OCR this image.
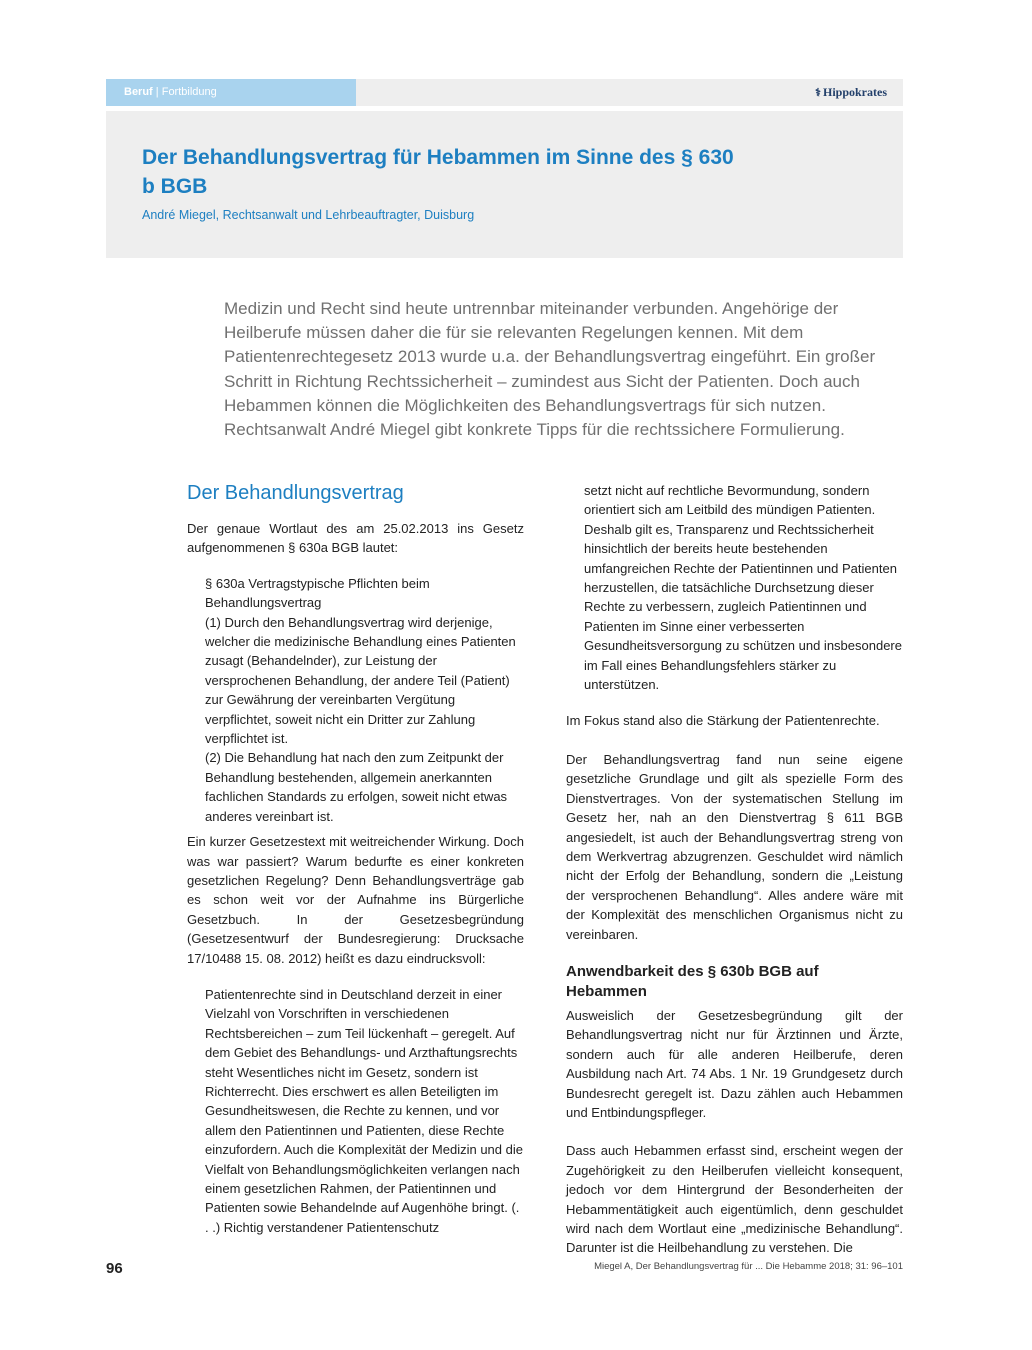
Beruf | Fortbildung	⚕ Hippokrates
Der Behandlungsvertrag für Hebammen im Sinne des § 630 b BGB

André Miegel, Rechtsanwalt und Lehrbeauftragter, Duisburg

Medizin und Recht sind heute untrennbar miteinander verbunden. Angehörige der Heilberufe müssen daher die für sie relevanten Regelungen kennen. Mit dem Patientenrechtegesetz 2013 wurde u.a. der Behandlungsvertrag eingeführt. Ein großer Schritt in Richtung Rechtssicherheit – zumindest aus Sicht der Patienten. Doch auch Hebammen können die Möglichkeiten des Behandlungsvertrags für sich nutzen. Rechtsanwalt André Miegel gibt konkrete Tipps für die rechtssichere Formulierung.

Der Behandlungsvertrag

Der genaue Wortlaut des am 25.02.2013 ins Gesetz aufgenommenen § 630a BGB lautet:

§ 630a Vertragstypische Pflichten beim Behandlungsvertrag

(1) Durch den Behandlungsvertrag wird derjenige, welcher die medizinische Behandlung eines Patienten zusagt (Behandelnder), zur Leistung der versprochenen Behandlung, der andere Teil (Patient) zur Gewährung der vereinbarten Vergütung verpflichtet, soweit nicht ein Dritter zur Zahlung verpflichtet ist.

(2) Die Behandlung hat nach den zum Zeitpunkt der Behandlung bestehenden, allgemein anerkannten fachlichen Standards zu erfolgen, soweit nicht etwas anderes vereinbart ist.

Ein kurzer Gesetzestext mit weitreichender Wirkung. Doch was war passiert? Warum bedurfte es einer konkreten gesetzlichen Regelung? Denn Behandlungsverträge gab es schon weit vor der Aufnahme ins Bürgerliche Gesetzbuch. In der Gesetzesbegründung (Gesetzesentwurf der Bundesregierung: Drucksache 17/10488 15. 08. 2012) heißt es dazu eindrucksvoll:

Patientenrechte sind in Deutschland derzeit in einer Vielzahl von Vorschriften in verschiedenen Rechtsbereichen – zum Teil lückenhaft – geregelt. Auf dem Gebiet des Behandlungs- und Arzthaftungsrechts steht Wesentliches nicht im Gesetz, sondern ist Richterrecht. Dies erschwert es allen Beteiligten im Gesundheitswesen, die Rechte zu kennen, und vor allem den Patientinnen und Patienten, diese Rechte einzufordern. Auch die Komplexität der Medizin und die Vielfalt von Behandlungsmöglichkeiten verlangen nach einem gesetzlichen Rahmen, der Patientinnen und Patienten sowie Behandelnde auf Augenhöhe bringt. (. . .) Richtig verstandener Patientenschutz

setzt nicht auf rechtliche Bevormundung, sondern orientiert sich am Leitbild des mündigen Patienten. Deshalb gilt es, Transparenz und Rechtssicherheit hinsichtlich der bereits heute bestehenden umfangreichen Rechte der Patientinnen und Patienten herzustellen, die tatsächliche Durchsetzung dieser Rechte zu verbessern, zugleich Patientinnen und Patienten im Sinne einer verbesserten Gesundheitsversorgung zu schützen und insbesondere im Fall eines Behandlungsfehlers stärker zu unterstützen.

Im Fokus stand also die Stärkung der Patientenrechte.

Der Behandlungsvertrag fand nun seine eigene gesetzliche Grundlage und gilt als spezielle Form des Dienstvertrages. Von der systematischen Stellung im Gesetz her, nah an den Dienstvertrag § 611 BGB angesiedelt, ist auch der Behandlungsvertrag streng von dem Werkvertrag abzugrenzen. Geschuldet wird nämlich nicht der Erfolg der Behandlung, sondern die „Leistung der versprochenen Behandlung“. Alles andere wäre mit der Komplexität des menschlichen Organismus nicht zu vereinbaren.

Anwendbarkeit des § 630b BGB auf Hebammen

Ausweislich der Gesetzesbegründung gilt der Behandlungsvertrag nicht nur für Ärztinnen und Ärzte, sondern auch für alle anderen Heilberufe, deren Ausbildung nach Art. 74 Abs. 1 Nr. 19 Grundgesetz durch Bundesrecht geregelt ist. Dazu zählen auch Hebammen und Entbindungspfleger.

Dass auch Hebammen erfasst sind, erscheint wegen der Zugehörigkeit zu den Heilberufen vielleicht konsequent, jedoch vor dem Hintergrund der Besonderheiten der Hebammentätigkeit auch eigentümlich, denn geschuldet wird nach dem Wortlaut eine „medizinische Behandlung“. Darunter ist die Heilbehandlung zu verstehen. Die

96	Miegel A, Der Behandlungsvertrag für ... Die Hebamme 2018; 31: 96–101
